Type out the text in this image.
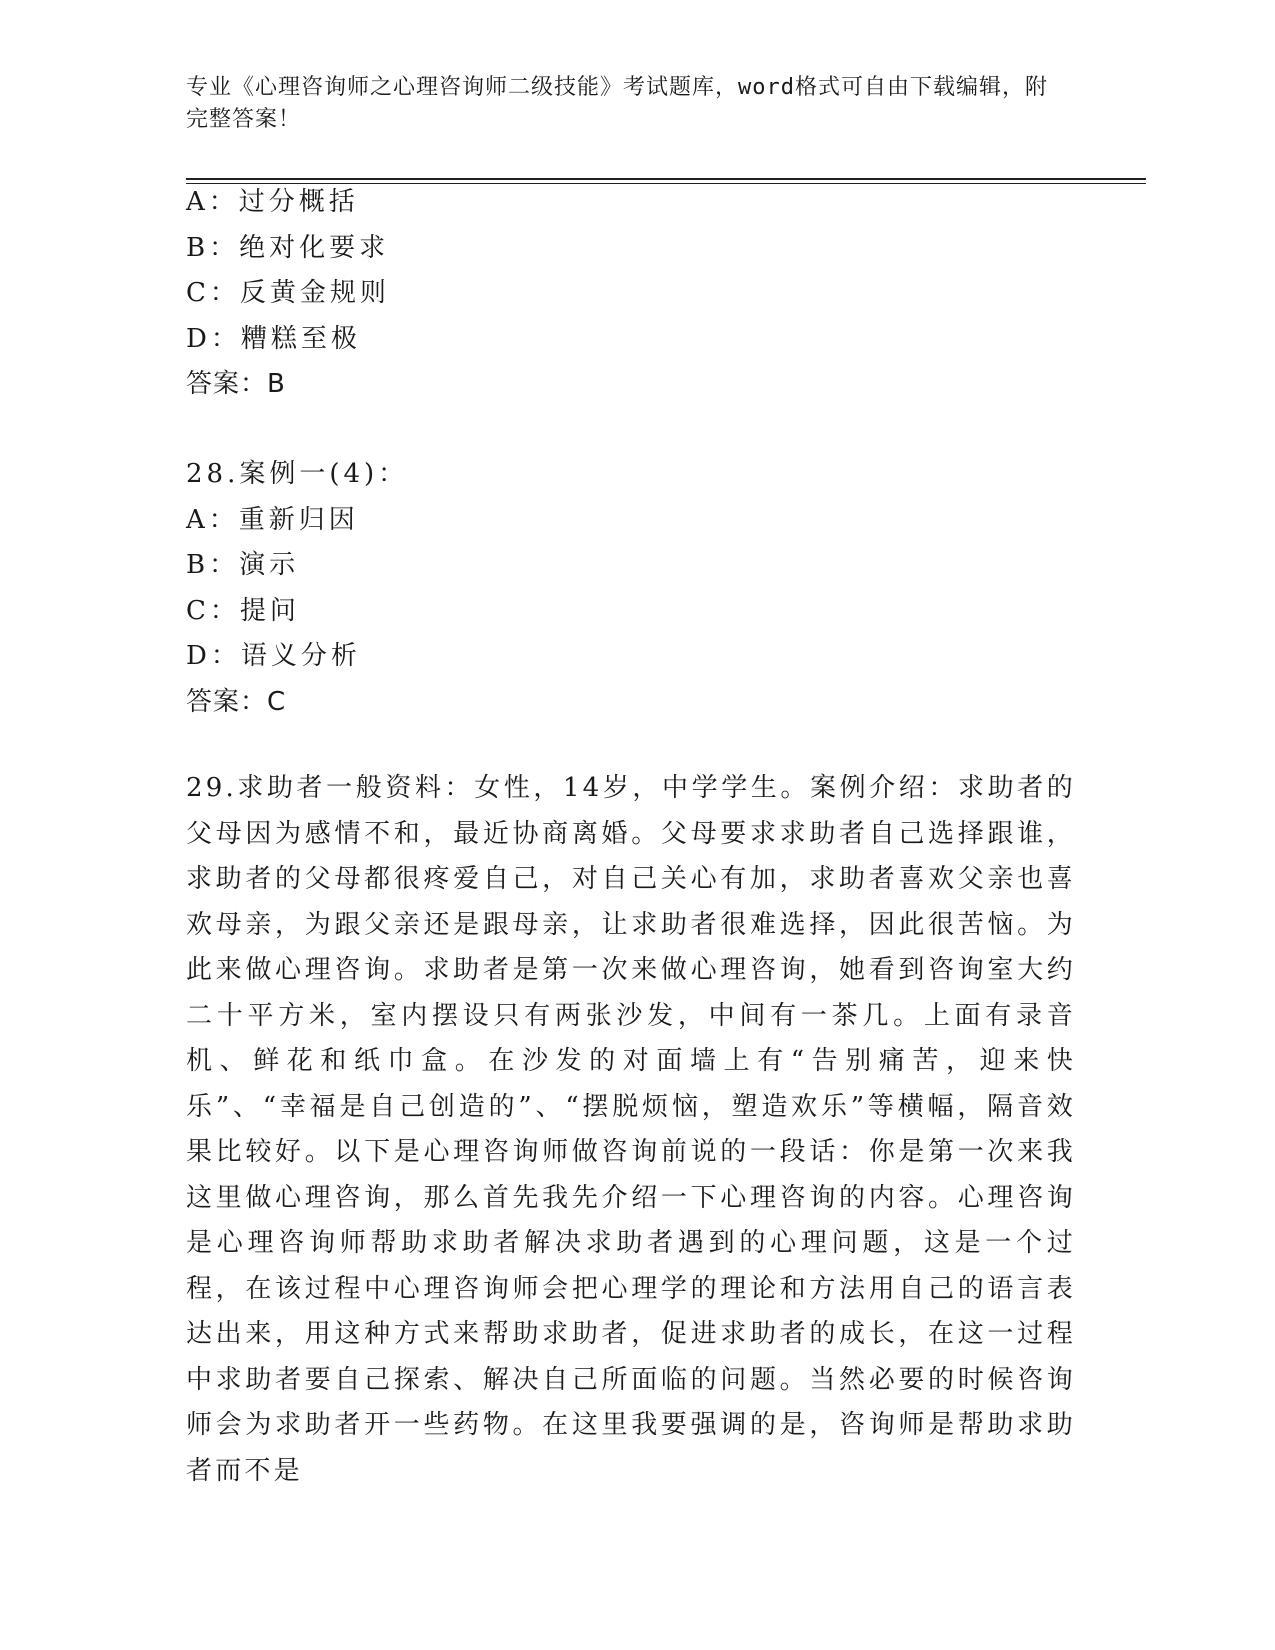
专业《心理咨询师之心理咨询师二级技能》考试题库，word格式可自由下载编辑，附完整答案！
A：过分概括
B：绝对化要求
C：反黄金规则
D：糟糕至极
答案：B
28.案例一(4)：
A：重新归因
B：演示
C：提问
D：语义分析
答案：C
29.求助者一般资料：女性，14岁，中学学生。案例介绍：求助者的父母因为感情不和，最近协商离婚。父母要求求助者自己选择跟谁，求助者的父母都很疼爱自己，对自己关心有加，求助者喜欢父亲也喜欢母亲，为跟父亲还是跟母亲，让求助者很难选择，因此很苦恼。为此来做心理咨询。求助者是第一次来做心理咨询，她看到咨询室大约二十平方米，室内摆设只有两张沙发，中间有一茶几。上面有录音机、鲜花和纸巾盒。在沙发的对面墙上有“告别痛苦，迎来快乐”、“幸福是自己创造的”、“摆脱烦恼，塑造欢乐”等横幅，隔音效果比较好。以下是心理咨询师做咨询前说的一段话：你是第一次来我这里做心理咨询，那么首先我先介绍一下心理咨询的内容。心理咨询是心理咨询师帮助求助者解决求助者遇到的心理问题，这是一个过程，在该过程中心理咨询师会把心理学的理论和方法用自己的语言表达出来，用这种方式来帮助求助者，促进求助者的成长，在这一过程中求助者要自己探索、解决自己所面临的问题。当然必要的时候咨询师会为求助者开一些药物。在这里我要强调的是，咨询师是帮助求助者而不是
